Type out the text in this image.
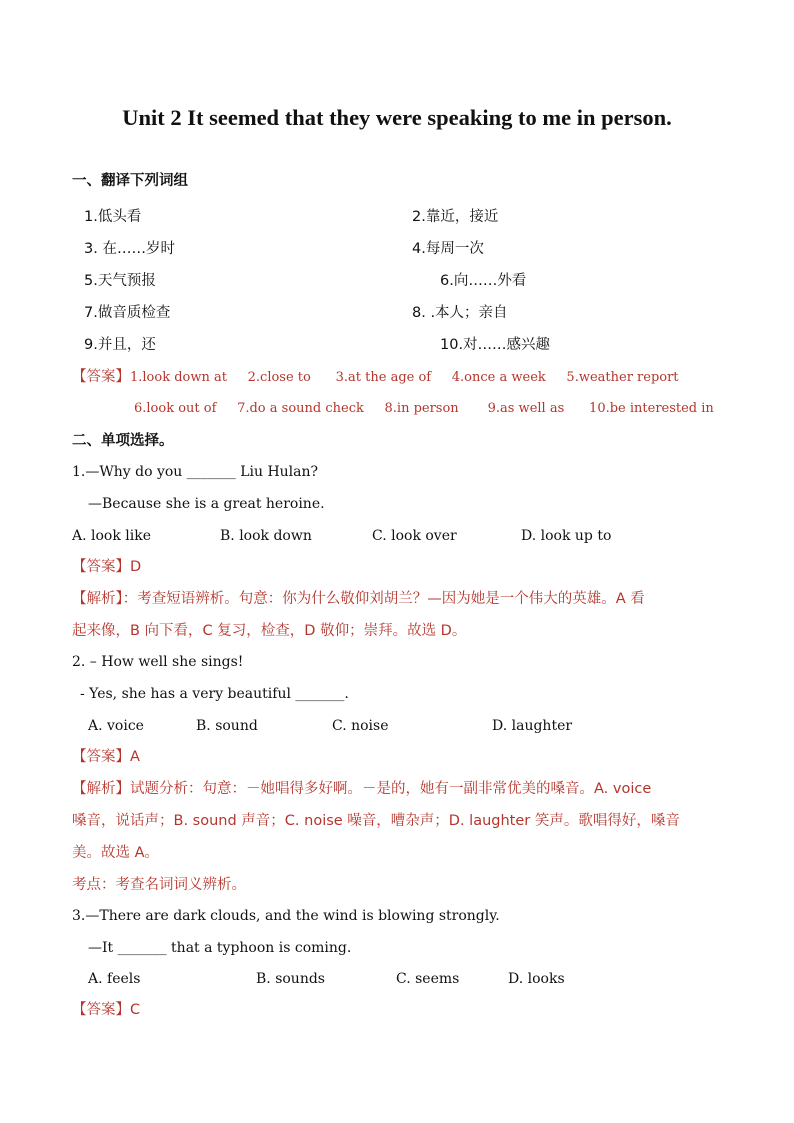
Unit 2 It seemed that they were speaking to me in person.
一、翻译下列词组
1.低头看	2.靠近，接近
3. 在……岁时	4.每周一次
5.天气预报	6.向……外看
7.做音质检查	8. .本人；亲自
9.并且，还	10.对……感兴趣
【答案】1.look down at     2.close to      3.at the age of     4.once a week     5.weather report
6.look out of     7.do a sound check     8.in person       9.as well as      10.be interested in
二、单项选择。
1.—Why do you _______ Liu Hulan?
—Because she is a great heroine.
A. look like	B. look down	C. look over	D. look up to
【答案】D
【解析】：考查短语辨析。句意：你为什么敬仰刘胡兰？—因为她是一个伟大的英雄。A 看
起来像，B 向下看，C 复习，检查，D 敬仰；崇拜。故选 D。
2. – How well she sings!
- Yes, she has a very beautiful _______.
A. voice	B. sound	C. noise	D. laughter
【答案】A
【解析】试题分析：句意：－她唱得多好啊。－是的，她有一副非常优美的嗓音。A. voice
嗓音，说话声；B. sound 声音；C. noise 噪音，嘈杂声；D. laughter 笑声。歌唱得好，嗓音
美。故选 A。
考点：考查名词词义辨析。
3.—There are dark clouds, and the wind is blowing strongly.
—It _______ that a typhoon is coming.
A. feels	B. sounds	C. seems	D. looks
【答案】C
